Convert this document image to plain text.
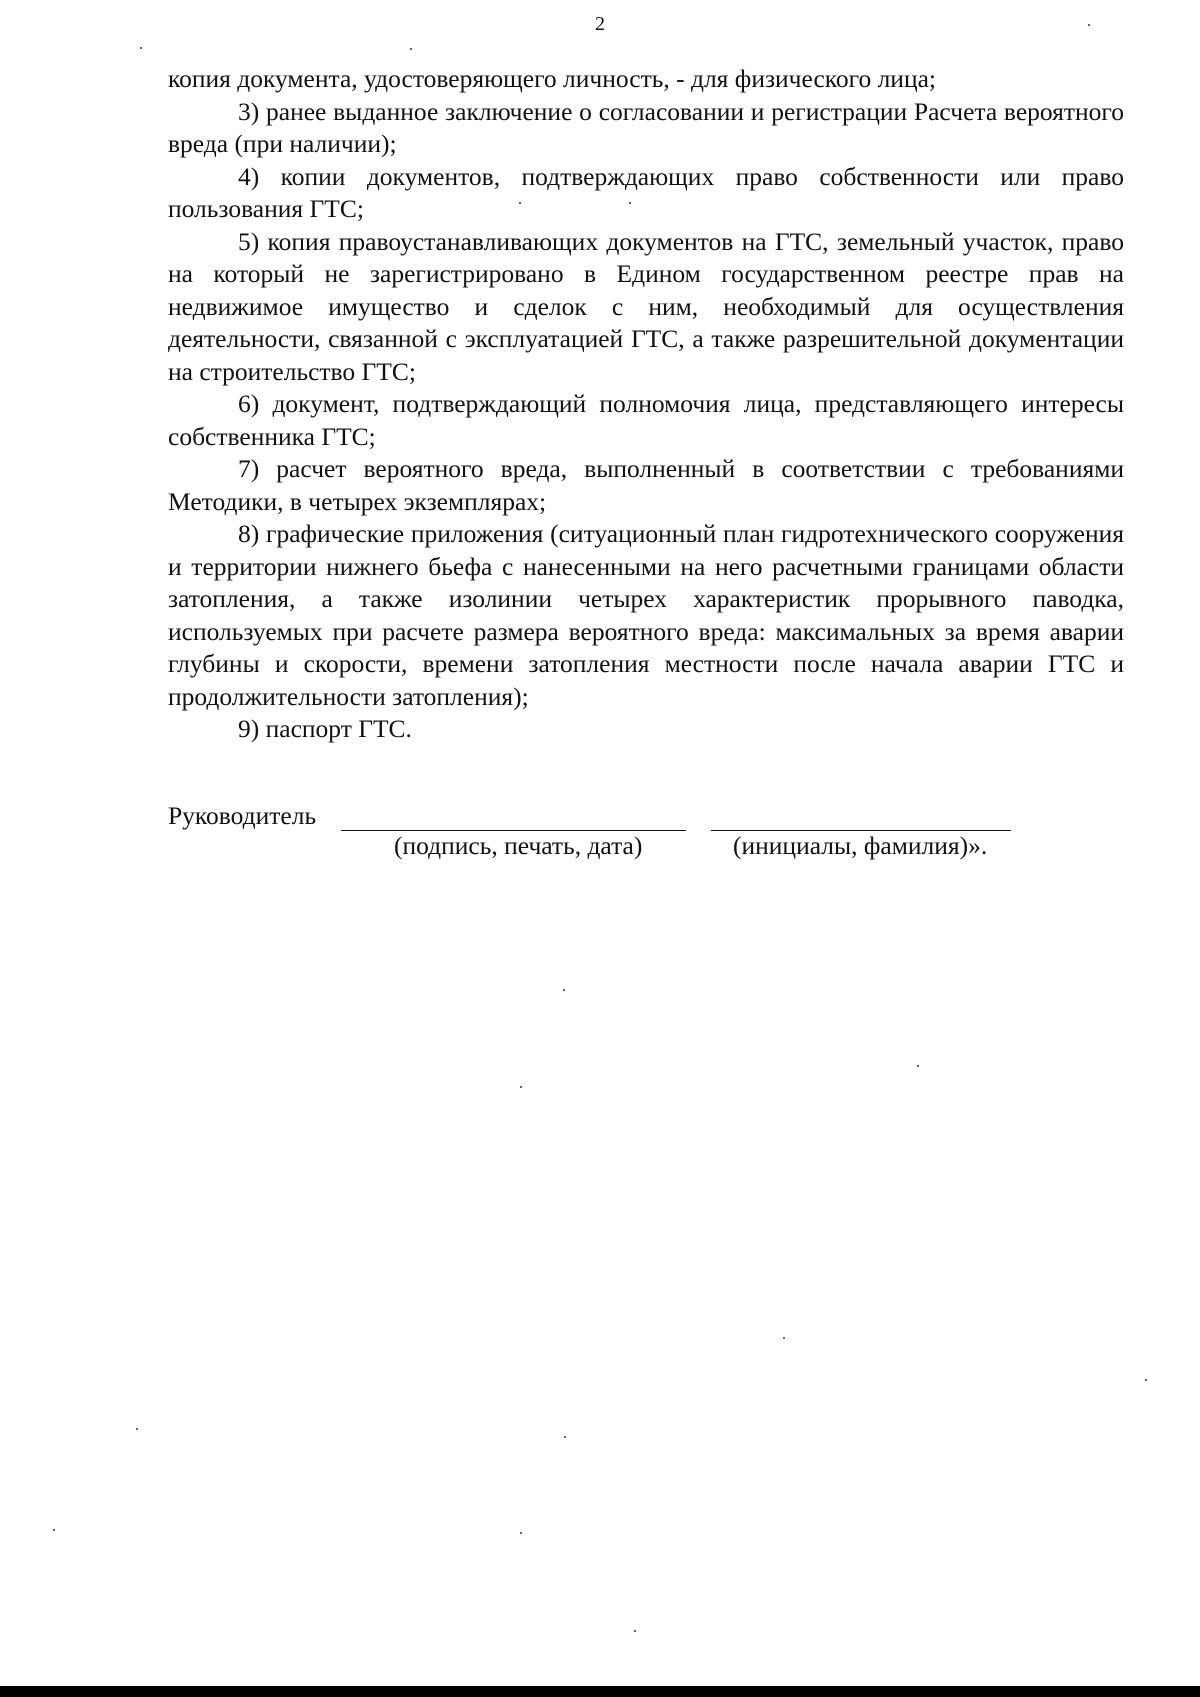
2

копия документа, удостоверяющего личность, - для физического лица;

3) ранее выданное заключение о согласовании и регистрации Расчета вероятного вреда (при наличии);

4) копии документов, подтверждающих право собственности или право пользования ГТС;

5) копия правоустанавливающих документов на ГТС, земельный участок, право на который не зарегистрировано в Едином государственном реестре прав на недвижимое имущество и сделок с ним, необходимый для осуществления деятельности, связанной с эксплуатацией ГТС, а также разрешительной документации на строительство ГТС;

6) документ, подтверждающий полномочия лица, представляющего интересы собственника ГТС;

7) расчет вероятного вреда, выполненный в соответствии с требованиями Методики, в четырех экземплярах;

8) графические приложения (ситуационный план гидротехнического сооружения и территории нижнего бьефа с нанесенными на него расчетными границами области затопления, а также изолинии четырех характеристик прорывного паводка, используемых при расчете размера вероятного вреда: максимальных за время аварии глубины и скорости, времени затопления местности после начала аварии ГТС и продолжительности затопления);

9) паспорт ГТС.

Руководитель
(подпись, печать, дата)	(инициалы, фамилия)».
